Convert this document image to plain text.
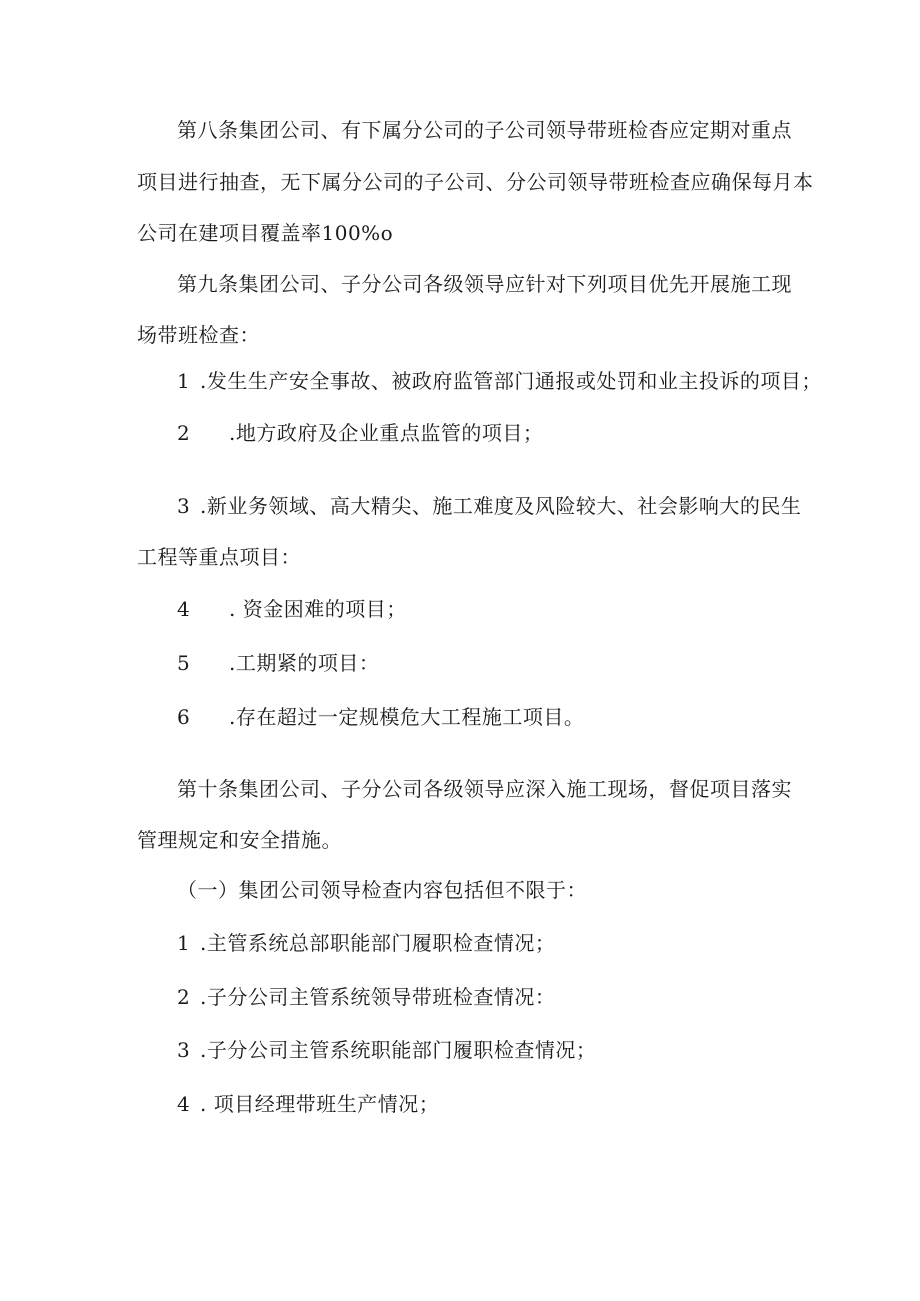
第八条集团公司、有下属分公司的子公司领导带班检杳应定期对重点
项目进行抽查，无下属分公司的子公司、分公司领导带班检查应确保每月本
公司在建项目覆盖率100%o
第九条集团公司、子分公司各级领导应针对下列项目优先开展施工现
场带班检查：
1 .发生生产安全事故、被政府监管部门通报或处罚和业主投诉的项目；
2 .地方政府及企业重点监管的项目；
3 .新业务领域、高大精尖、施工难度及风险较大、社会影响大的民生
工程等重点项目：
4 . 资金困难的项目；
5 .工期紧的项目：
6 .存在超过一定规模危大工程施工项目。
第十条集团公司、子分公司各级领导应深入施工现场，督促项目落实
管理规定和安全措施。
（一）集团公司领导检查内容包括但不限于：
1 .主管系统总部职能部门履职检查情况；
2 .子分公司主管系统领导带班检查情况：
3 .子分公司主管系统职能部门履职检查情况；
4 . 项目经理带班生产情况；
